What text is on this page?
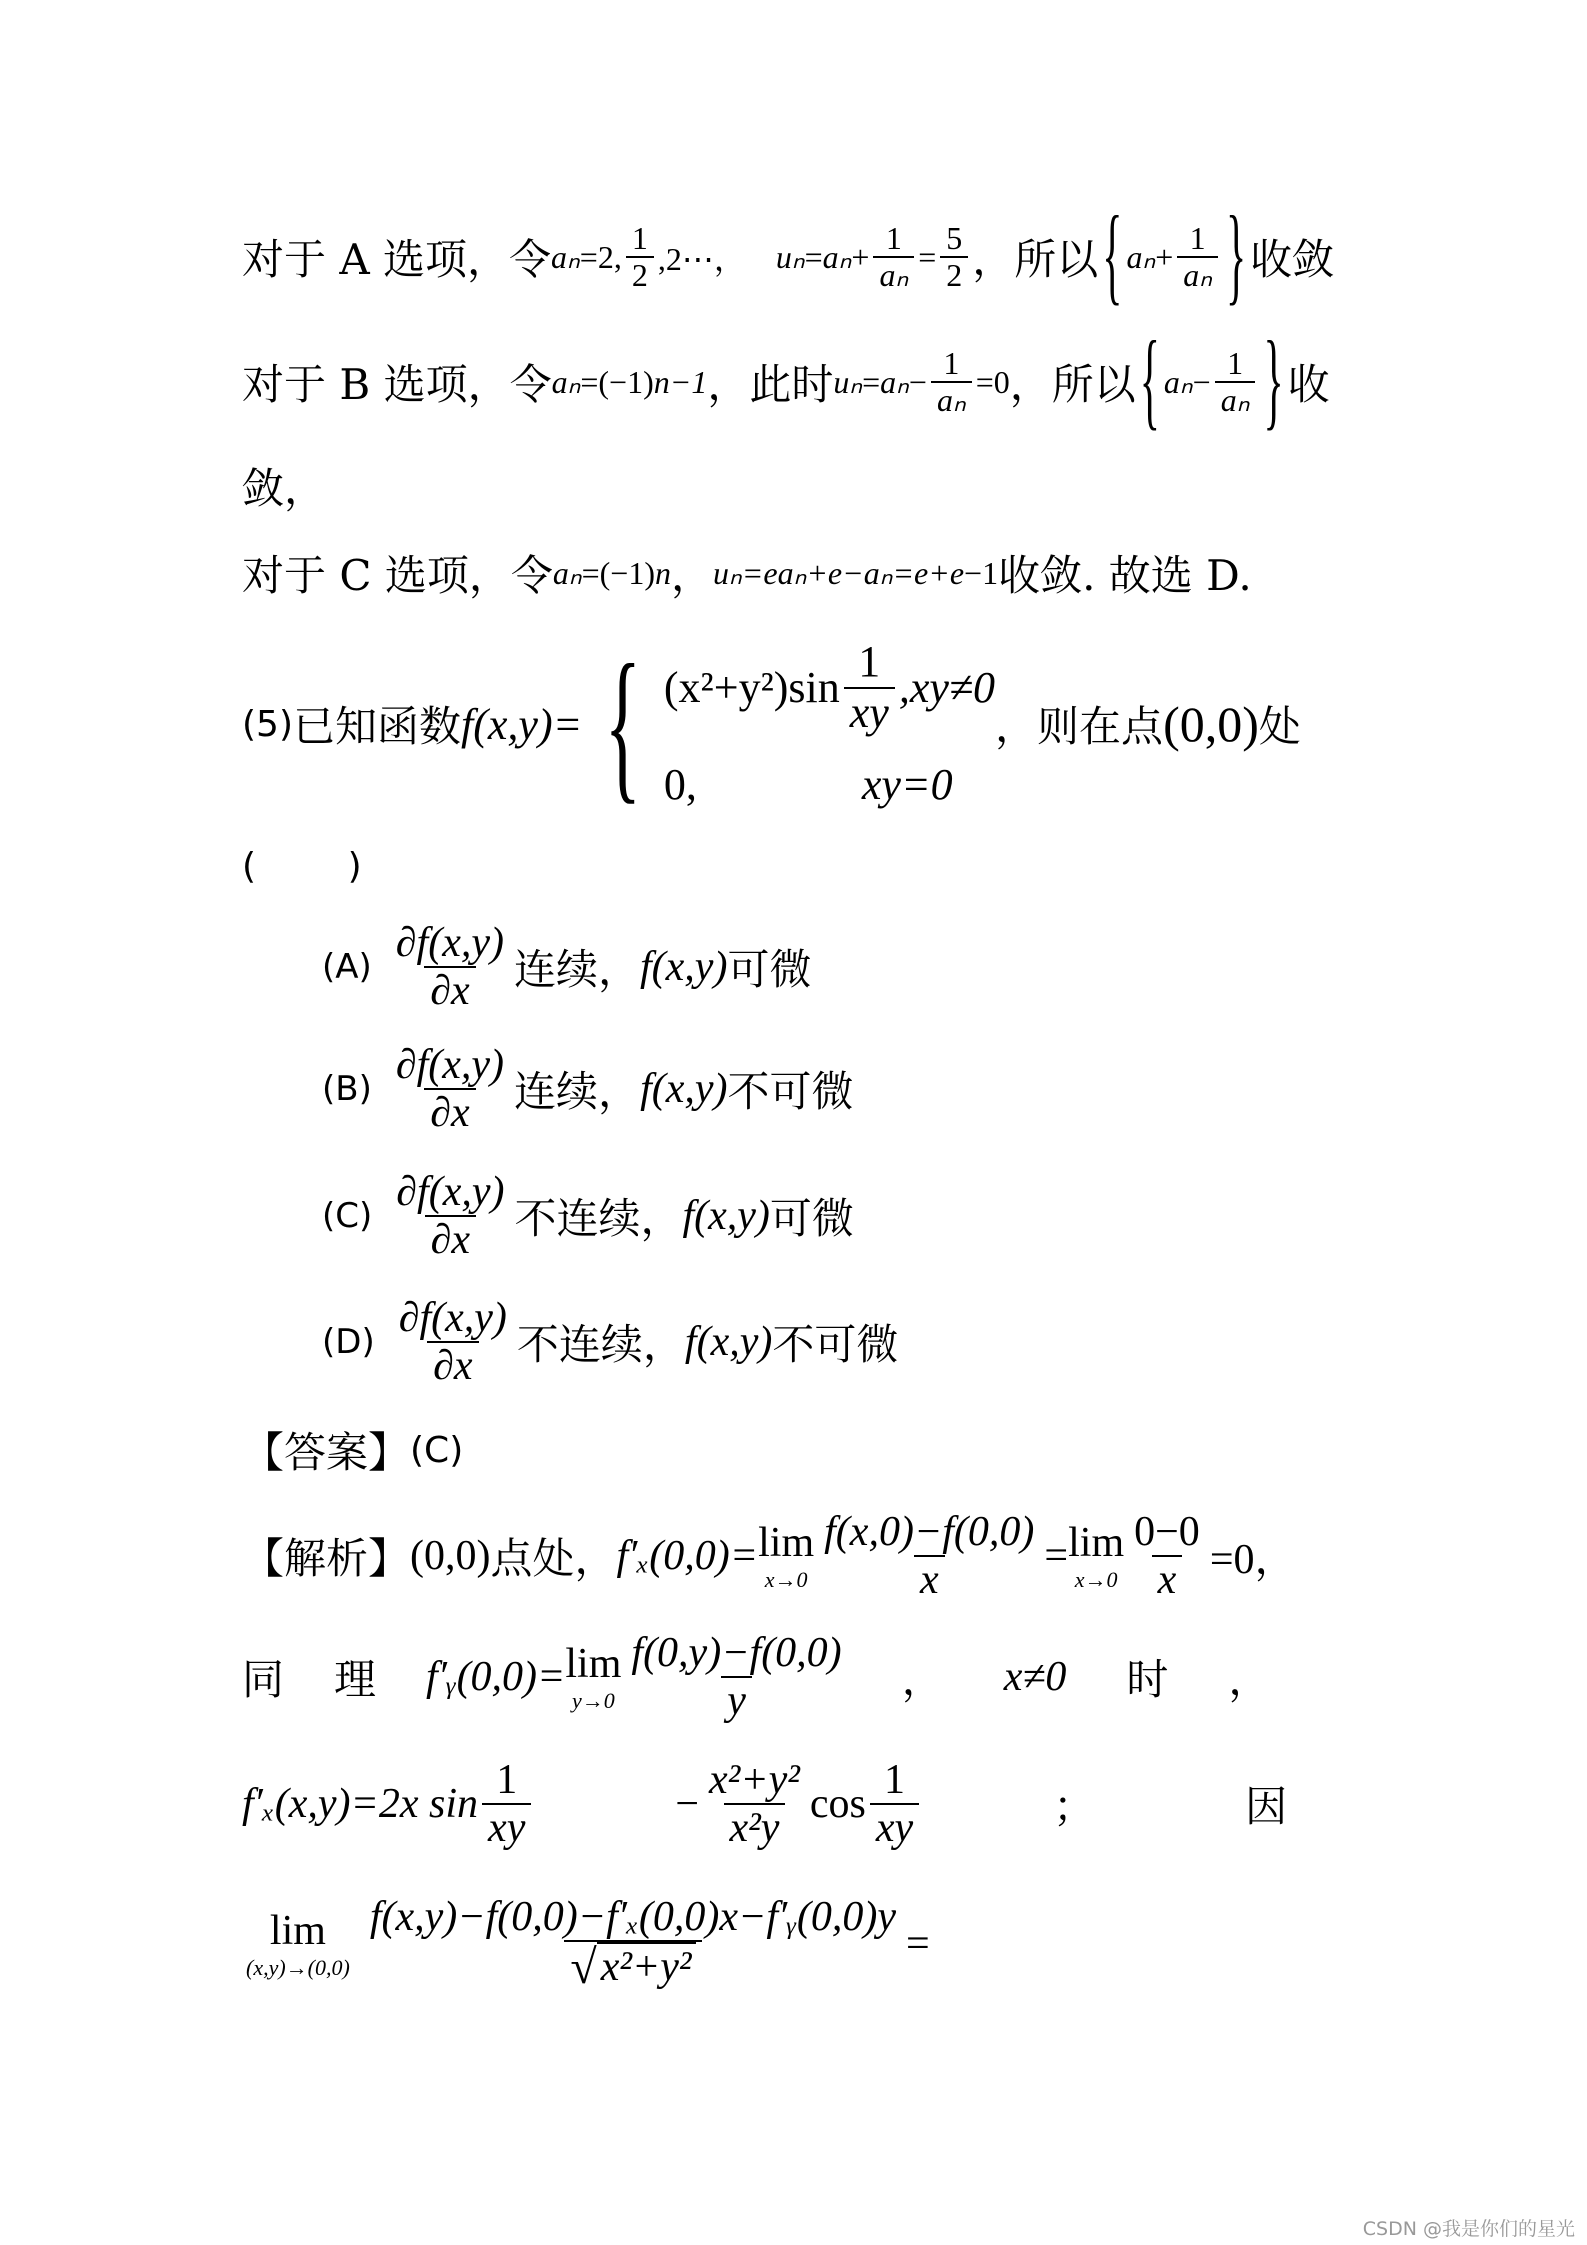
对于 A 选项，令 aₙ =2, $\frac{1}{2}$ ,2⋯， $u_n = a_n + \frac{1}{\text{aₙ}} = \frac{5}{2}$ ，所以 { $a_n + \frac{1}{\text{aₙ}}$ } 收敛
对于 B 选项，令 aₙ =(−1) n−1 ，此时 $u_n = a_n - \frac{1}{\text{aₙ}} =0$ ，所以 { $a_n - \frac{1}{\text{aₙ}}$ } 收
敛，
对于 C 选项，令 aₙ =(−1) n ， uₙ =e aₙ +e −aₙ =e+e −1 收敛. 故选 D.
(5) 已知函数 f(x,y)= { $(x^2+y^2)\sin \frac{1}{xy} ,xy\ne 0$
0,	xy=0
，则在点 (0,0) 处
(        )
$(A) \frac{\partial f(x,y)}{\partial x}$ 连续， f(x,y) 可微
$(B) \frac{\partial f(x,y)}{\partial x}$ 连续， f(x,y) 不可微
$(C) \frac{\partial f(x,y)}{\partial x}$ 不连续， f(x,y) 可微
$(D) \frac{\partial f(x,y)}{\partial x}$ 不连续， f(x,y) 不可微
【答案】 (C)
【解析】 (0,0) 点处， f′ₓ(0,0)= lim
$x\to 0 \frac{f(x,0)-f(0,0)}{x} = \lim$
$x\to 0 \frac{0-0}{x} =0$，
同 理 f′ᵧ(0,0)= lim
$y\to 0 \frac{f(0,y)-f(0,0)}{y}$ ， x≠0 时 ，
f′ₓ(x,y)=2x $\sin \frac{1}{xy}$	− $\frac{\text{x²+y²}}{\text{x²y}}$ $\cos \frac{1}{xy}$	；	因
lim
$(x,y)\to(0,0) \frac{\text{f(x,y)−f(0,0)−f′ₓ(0,0)x−f′ᵧ(0,0)y}}{\text{√ x²+y²}}$ =
CSDN @我是你们的星光
